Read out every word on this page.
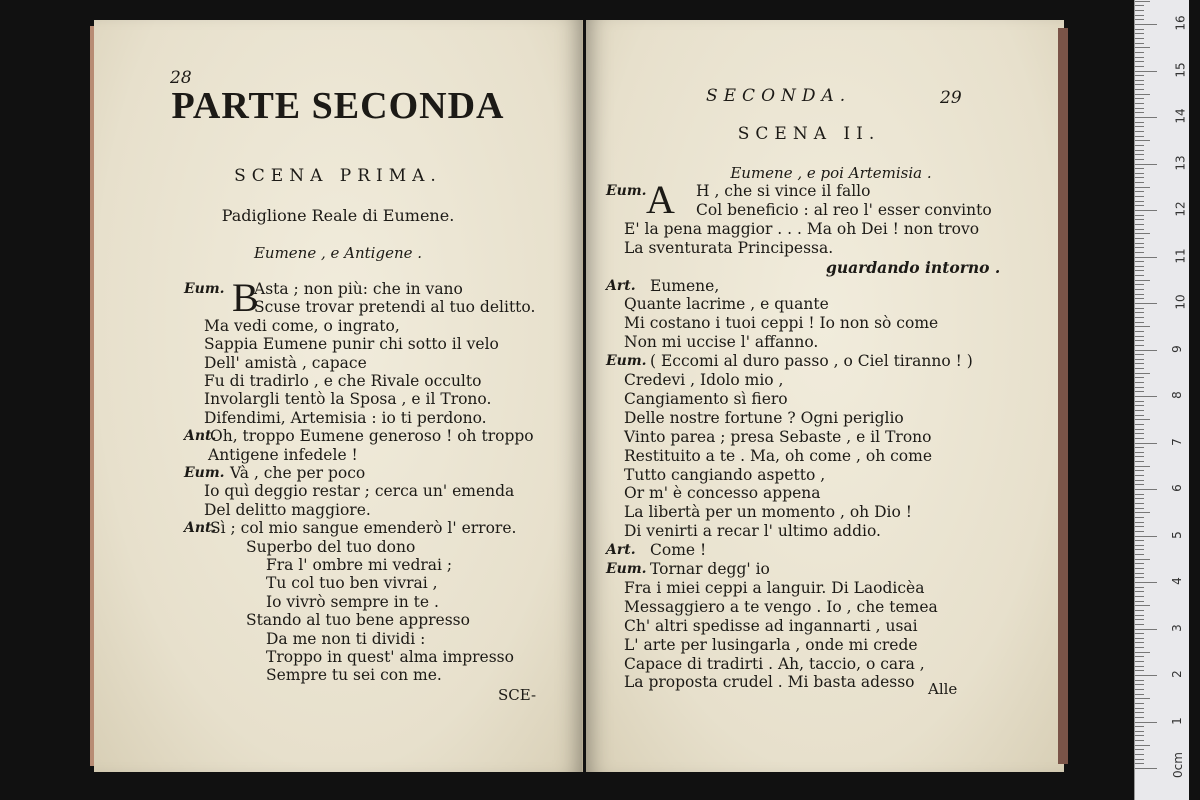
28
PARTE SECONDA
SCENA PRIMA.
Padiglione Reale di Eumene.
Eumene , e Antigene .
B
Eum. Asta ; non più: che in vano
Scuse trovar pretendi al tuo delitto.
Ma vedi come, o ingrato,
Sappia Eumene punir chi sotto il velo
Dell' amistà , capace
Fu di tradirlo , e che Rivale occulto
Involargli tentò la Sposa , e il Trono.
Difendimi, Artemisia : io ti perdono.
Ant.
Oh, troppo Eumene generoso ! oh troppo
Antigene infedele !
Eum. Và , che per poco
Io quì deggio restar ; cerca un' emenda
Del delitto maggiore.
Ant.
Sì ; col mio sangue emenderò l' errore.
Superbo del tuo dono
Fra l' ombre mi vedrai ;
Tu col tuo ben vivrai ,
Io vivrò sempre in te .
Stando al tuo bene appresso
Da me non ti dividi :
Troppo in quest' alma impresso
Sempre tu sei con me.
SCE-
SECONDA.	29
SCENA II.
Eumene , e poi Artemisia .
A
Eum.	H , che si vince il fallo
Col beneficio : al reo l' esser convinto
E' la pena maggior . . . Ma oh Dei ! non trovo
La sventurata Principessa.
guardando intorno .
Art. Eumene,
Quante lacrime , e quante
Mi costano i tuoi ceppi ! Io non sò come
Non mi uccise l' affanno.
Eum. ( Eccomi al duro passo , o Ciel tiranno ! )
Credevi , Idolo mio ,
Cangiamento sì fiero
Delle nostre fortune ? Ogni periglio
Vinto parea ; presa Sebaste , e il Trono
Restituito a te . Ma, oh come , oh come
Tutto cangiando aspetto ,
Or m' è concesso appena
La libertà per un momento , oh Dio !
Di venirti a recar l' ultimo addio.
Art. Come !
Eum. Tornar degg' io
Fra i miei ceppi a languir. Di Laodicèa
Messaggiero a te vengo . Io , che temea
Ch' altri spedisse ad ingannarti , usai
L' arte per lusingarla , onde mi crede
Capace di tradirti . Ah, taccio, o cara ,
La proposta crudel . Mi basta adesso Alle
1
2
3
4
5
6
7
8
9
10
11
12
13
14
15
16
0cm
